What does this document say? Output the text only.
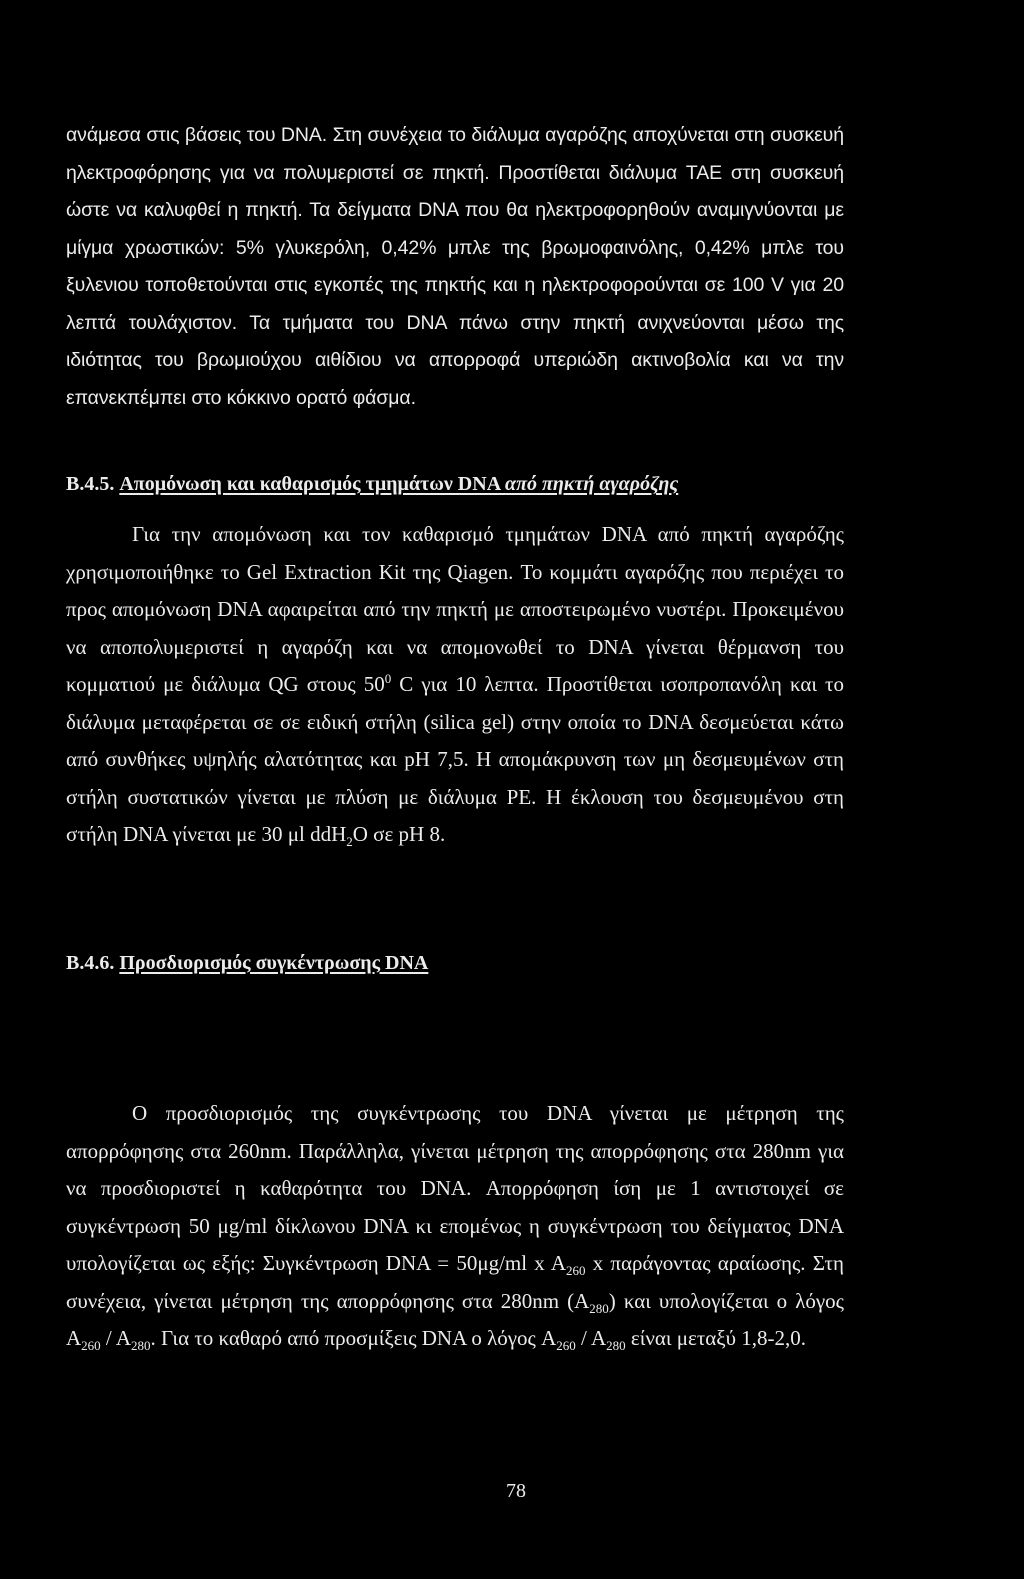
ανάμεσα στις βάσεις του DNA. Στη συνέχεια το διάλυμα αγαρόζης αποχύνεται στη συσκευή ηλεκτροφόρησης για να πολυμεριστεί σε πηκτή. Προστίθεται διάλυμα TAE στη συσκευή ώστε να καλυφθεί η πηκτή. Τα δείγματα DNA που θα ηλεκτροφορηθούν αναμιγνύονται με μίγμα χρωστικών: 5% γλυκερόλη, 0,42% μπλε της βρωμοφαινόλης, 0,42% μπλε του ξυλενιου τοποθετούνται στις εγκοπές της πηκτής και η ηλεκτροφορούνται σε 100 V για 20 λεπτά τουλάχιστον. Τα τμήματα του DNA πάνω στην πηκτή ανιχνεύονται μέσω της ιδιότητας του βρωμιούχου αιθίδιου να απορροφά υπεριώδη ακτινοβολία και να την επανεκπέμπει στο κόκκινο ορατό φάσμα.

B.4.5. Απομόνωση και καθαρισμός τμημάτων DNA από πηκτή αγαρόζης

Για την απομόνωση και τον καθαρισμό τμημάτων DNA από πηκτή αγαρόζης χρησιμοποιήθηκε το Gel Extraction Kit της Qiagen. Το κομμάτι αγαρόζης που περιέχει το προς απομόνωση DNA αφαιρείται από την πηκτή με αποστειρωμένο νυστέρι. Προκειμένου να αποπολυμεριστεί η αγαρόζη και να απομονωθεί το DNA γίνεται θέρμανση του κομματιού με διάλυμα QG στους $50^0$ C για 10 λεπτα. Προστίθεται ισοπροπανόλη και το διάλυμα μεταφέρεται σε σε ειδική στήλη (silica gel) στην οποία το DNA δεσμεύεται κάτω από συνθήκες υψηλής αλατότητας και pH 7,5. Η απομάκρυνση των μη δεσμευμένων στη στήλη συστατικών γίνεται με πλύση με διάλυμα PE. Η έκλουση του δεσμευμένου στη στήλη DNA γίνεται με 30 μl ddH$_2$O σε pH 8.

B.4.6. Προσδιορισμός συγκέντρωσης DNA

Ο προσδιορισμός της συγκέντρωσης του DNA γίνεται με μέτρηση της απορρόφησης στα 260nm. Παράλληλα, γίνεται μέτρηση της απορρόφησης στα 280nm για να προσδιοριστεί η καθαρότητα του DNA. Απορρόφηση ίση με 1 αντιστοιχεί σε συγκέντρωση 50 μg/ml δίκλωνου DNA κι επομένως η συγκέντρωση του δείγματος DNA υπολογίζεται ως εξής: Συγκέντρωση DNA = 50μg/ml x $A_{260}$ x παράγοντας αραίωσης. Στη συνέχεια, γίνεται μέτρηση της απορρόφησης στα 280nm $(A_{280})$ και υπολογίζεται ο λόγος $A_{260} / A_{280}$. Για το καθαρό από προσμίξεις DNA ο λόγος $A_{260} / A_{280}$ είναι μεταξύ 1,8-2,0.

78
